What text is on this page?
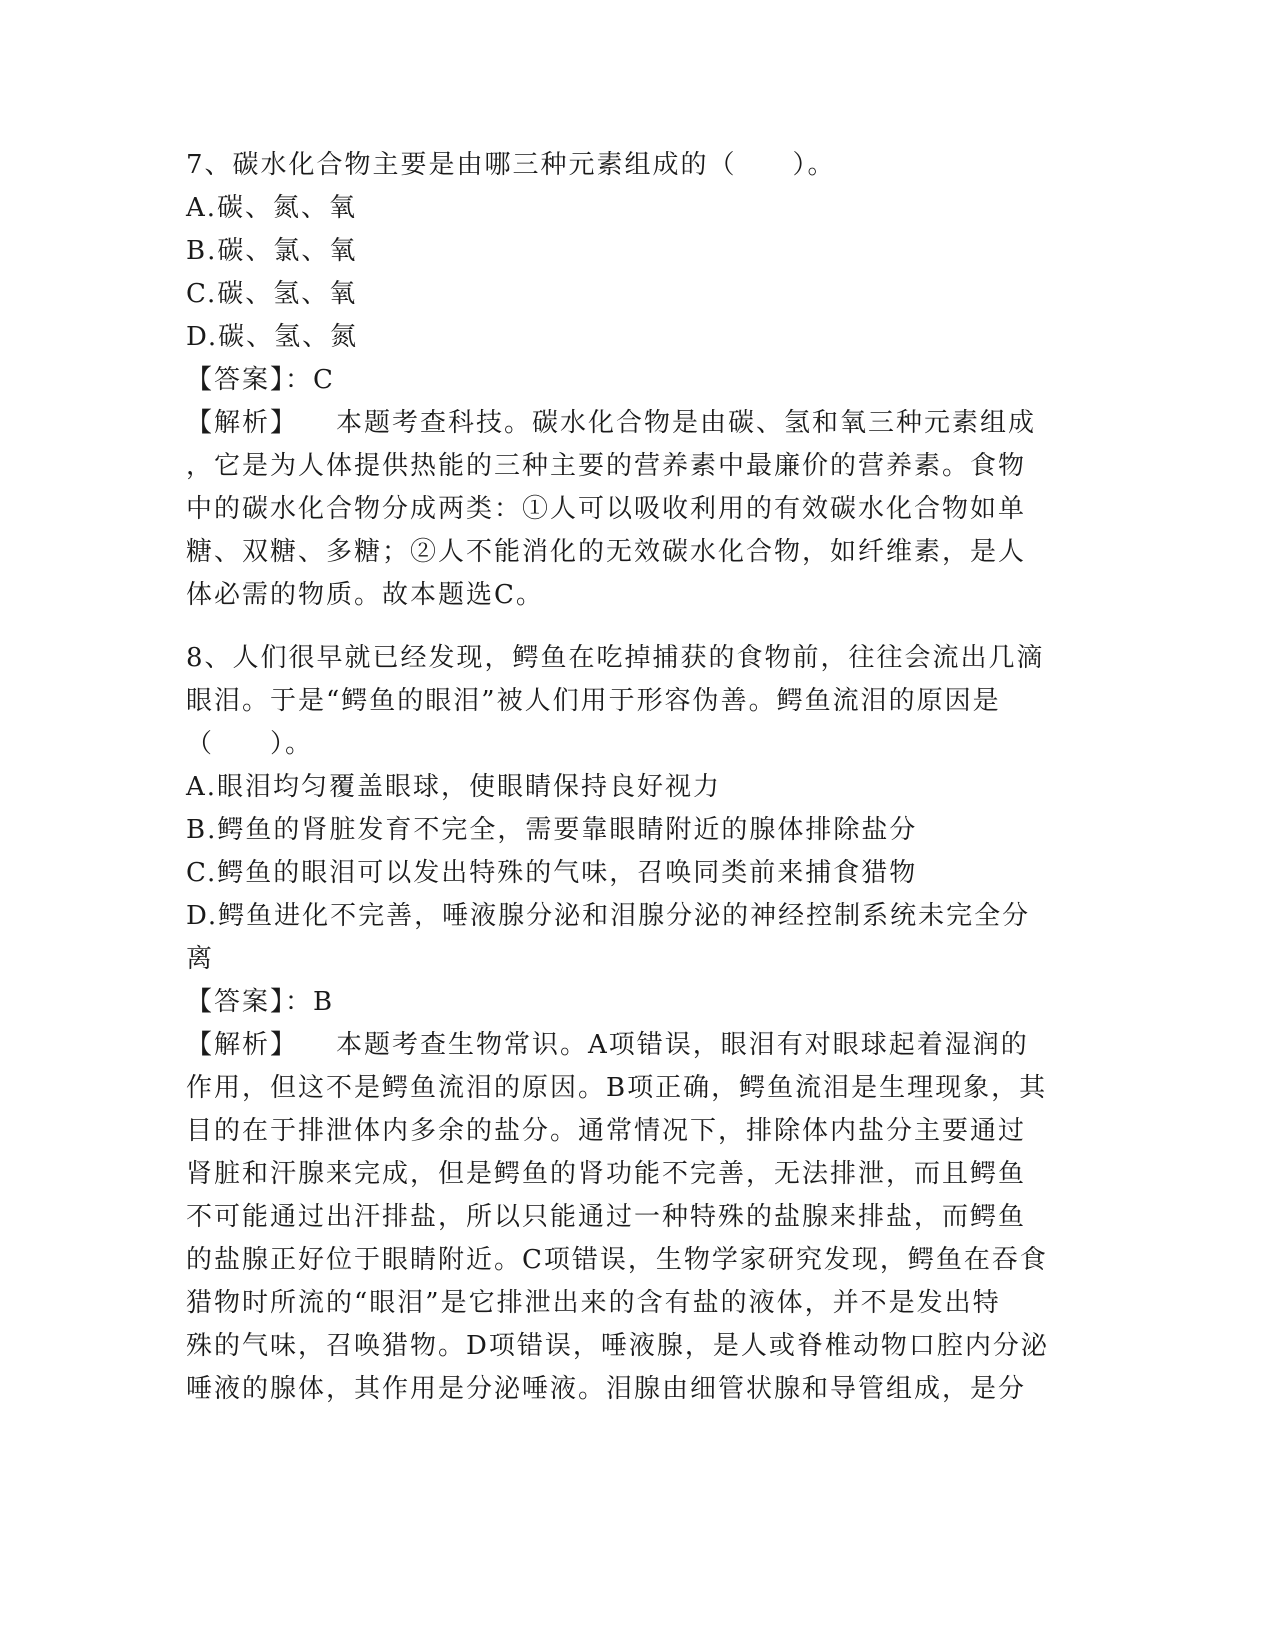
7、碳水化合物主要是由哪三种元素组成的（　　）。
A.碳、氮、氧
B.碳、氯、氧
C.碳、氢、氧
D.碳、氢、氮
【答案】：C
【解析】 本题考查科技。碳水化合物是由碳、氢和氧三种元素组成
，它是为人体提供热能的三种主要的营养素中最廉价的营养素。食物
中的碳水化合物分成两类：①人可以吸收利用的有效碳水化合物如单
糖、双糖、多糖；②人不能消化的无效碳水化合物，如纤维素，是人
体必需的物质。故本题选C。
8、人们很早就已经发现，鳄鱼在吃掉捕获的食物前，往往会流出几滴
眼泪。于是“鳄鱼的眼泪”被人们用于形容伪善。鳄鱼流泪的原因是
（　　）。
A.眼泪均匀覆盖眼球，使眼睛保持良好视力
B.鳄鱼的肾脏发育不完全，需要靠眼睛附近的腺体排除盐分
C.鳄鱼的眼泪可以发出特殊的气味，召唤同类前来捕食猎物
D.鳄鱼进化不完善，唾液腺分泌和泪腺分泌的神经控制系统未完全分
离
【答案】：B
【解析】 本题考查生物常识。A项错误，眼泪有对眼球起着湿润的
作用，但这不是鳄鱼流泪的原因。B项正确，鳄鱼流泪是生理现象，其
目的在于排泄体内多余的盐分。通常情况下，排除体内盐分主要通过
肾脏和汗腺来完成，但是鳄鱼的肾功能不完善，无法排泄，而且鳄鱼
不可能通过出汗排盐，所以只能通过一种特殊的盐腺来排盐，而鳄鱼
的盐腺正好位于眼睛附近。C项错误，生物学家研究发现，鳄鱼在吞食
猎物时所流的“眼泪”是它排泄出来的含有盐的液体，并不是发出特
殊的气味，召唤猎物。D项错误，唾液腺，是人或脊椎动物口腔内分泌
唾液的腺体，其作用是分泌唾液。泪腺由细管状腺和导管组成，是分
